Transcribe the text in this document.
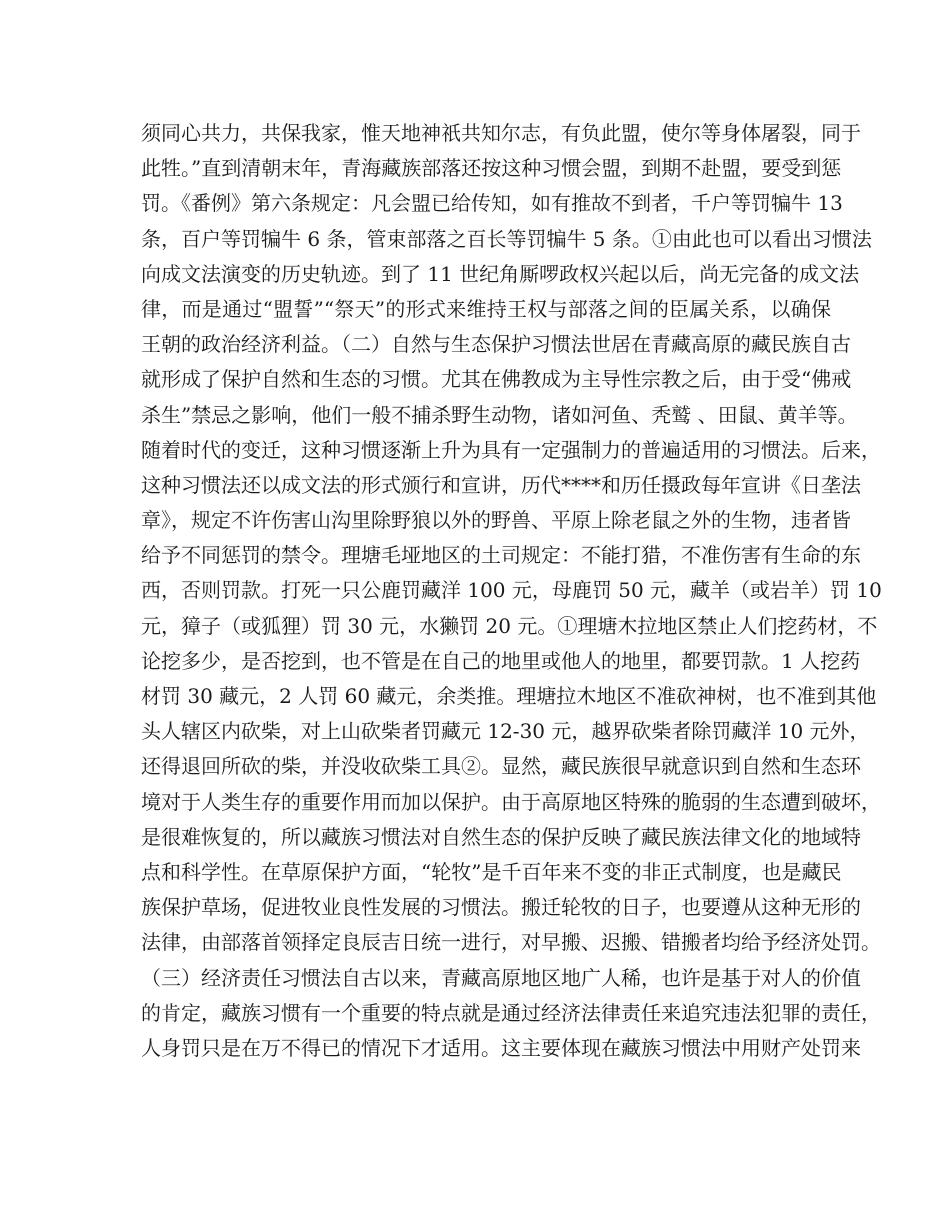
须同心共力，共保我家，惟天地神祇共知尔志，有负此盟，使尔等身体屠裂，同于
此牲。”直到清朝末年，青海藏族部落还按这种习惯会盟，到期不赴盟，要受到惩
罚。《番例》第六条规定：凡会盟已给传知，如有推故不到者，千户等罚犏牛 13
条，百户等罚犏牛 6 条，管束部落之百长等罚犏牛 5 条。①由此也可以看出习惯法
向成文法演变的历史轨迹。到了 11 世纪角厮啰政权兴起以后，尚无完备的成文法
律，而是通过“盟誓”“祭天”的形式来维持王权与部落之间的臣属关系，以确保
王朝的政治经济利益。（二）自然与生态保护习惯法世居在青藏高原的藏民族自古
就形成了保护自然和生态的习惯。尤其在佛教成为主导性宗教之后，由于受“佛戒
杀生”禁忌之影响，他们一般不捕杀野生动物，诸如河鱼、秃鹫 、田鼠、黄羊等。
随着时代的变迁，这种习惯逐渐上升为具有一定强制力的普遍适用的习惯法。后来，
这种习惯法还以成文法的形式颁行和宣讲，历代****和历任摄政每年宣讲《日垄法
章》，规定不许伤害山沟里除野狼以外的野兽、平原上除老鼠之外的生物，违者皆
给予不同惩罚的禁令。理塘毛垭地区的土司规定：不能打猎，不准伤害有生命的东
西，否则罚款。打死一只公鹿罚藏洋 100 元，母鹿罚 50 元，藏羊（或岩羊）罚 10
元，獐子（或狐狸）罚 30 元，水獭罚 20 元。①理塘木拉地区禁止人们挖药材，不
论挖多少，是否挖到，也不管是在自己的地里或他人的地里，都要罚款。1 人挖药
材罚 30 藏元，2 人罚 60 藏元，余类推。理塘拉木地区不准砍神树，也不准到其他
头人辖区内砍柴，对上山砍柴者罚藏元 12-30 元，越界砍柴者除罚藏洋 10 元外，
还得退回所砍的柴，并没收砍柴工具②。显然，藏民族很早就意识到自然和生态环
境对于人类生存的重要作用而加以保护。由于高原地区特殊的脆弱的生态遭到破坏，
是很难恢复的，所以藏族习惯法对自然生态的保护反映了藏民族法律文化的地域特
点和科学性。在草原保护方面，“轮牧”是千百年来不变的非正式制度，也是藏民
族保护草场，促进牧业良性发展的习惯法。搬迁轮牧的日子，也要遵从这种无形的
法律，由部落首领择定良辰吉日统一进行，对早搬、迟搬、错搬者均给予经济处罚。
（三）经济责任习惯法自古以来，青藏高原地区地广人稀，也许是基于对人的价值
的肯定，藏族习惯有一个重要的特点就是通过经济法律责任来追究违法犯罪的责任，
人身罚只是在万不得已的情况下才适用。这主要体现在藏族习惯法中用财产处罚来
